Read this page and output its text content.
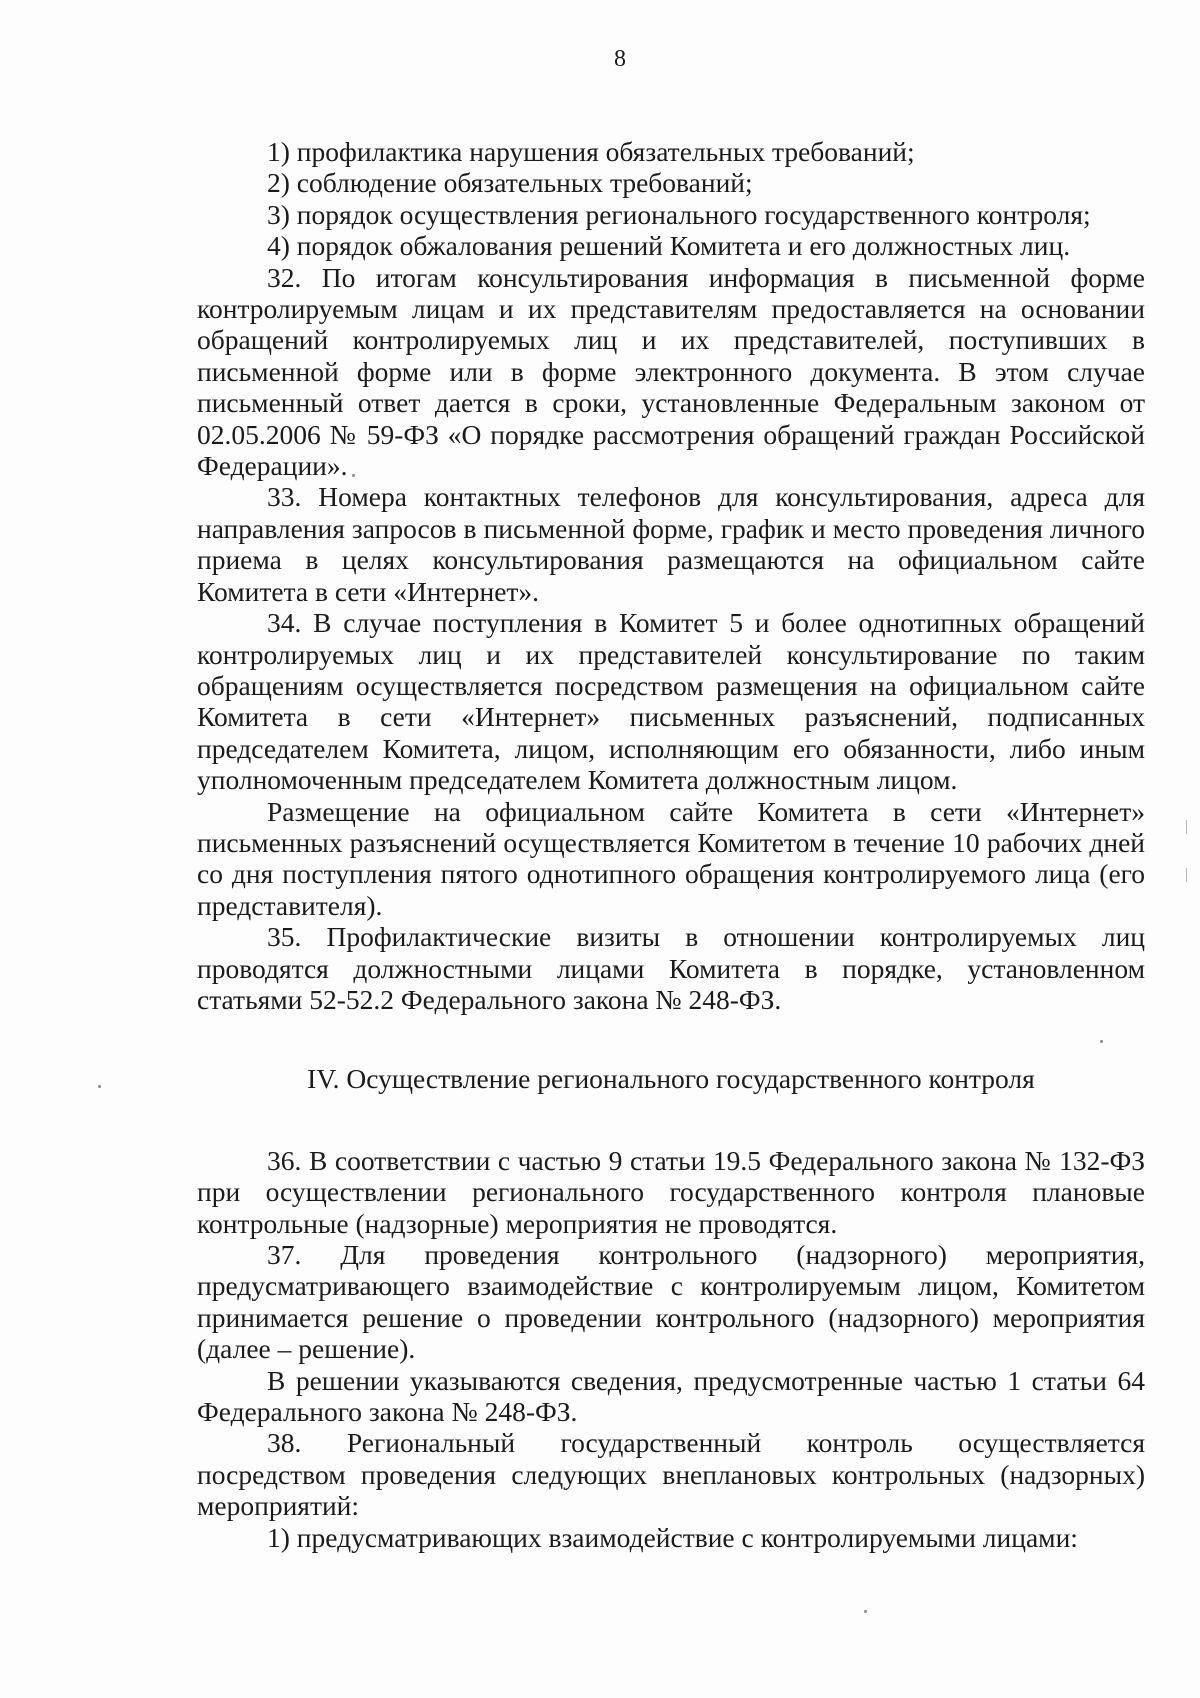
8

1) профилактика нарушения обязательных требований;

2) соблюдение обязательных требований;

3) порядок осуществления регионального государственного контроля;

4) порядок обжалования решений Комитета и его должностных лиц.

32. По итогам консультирования информация в письменной форме контролируемым лицам и их представителям предоставляется на основании обращений контролируемых лиц и их представителей, поступивших в письменной форме или в форме электронного документа. В этом случае письменный ответ дается в сроки, установленные Федеральным законом от 02.05.2006 № 59-ФЗ «О порядке рассмотрения обращений граждан Российской Федерации».

33. Номера контактных телефонов для консультирования, адреса для направления запросов в письменной форме, график и место проведения личного приема в целях консультирования размещаются на официальном сайте Комитета в сети «Интернет».

34. В случае поступления в Комитет 5 и более однотипных обращений контролируемых лиц и их представителей консультирование по таким обращениям осуществляется посредством размещения на официальном сайте Комитета в сети «Интернет» письменных разъяснений, подписанных председателем Комитета, лицом, исполняющим его обязанности, либо иным уполномоченным председателем Комитета должностным лицом.

Размещение на официальном сайте Комитета в сети «Интернет» письменных разъяснений осуществляется Комитетом в течение 10 рабочих дней со дня поступления пятого однотипного обращения контролируемого лица (его представителя).

35. Профилактические визиты в отношении контролируемых лиц проводятся должностными лицами Комитета в порядке, установленном статьями 52-52.2 Федерального закона № 248-ФЗ.

IV. Осуществление регионального государственного контроля

36. В соответствии с частью 9 статьи 19.5 Федерального закона № 132-ФЗ при осуществлении регионального государственного контроля плановые контрольные (надзорные) мероприятия не проводятся.

37. Для проведения контрольного (надзорного) мероприятия, предусматривающего взаимодействие с контролируемым лицом, Комитетом принимается решение о проведении контрольного (надзорного) мероприятия (далее – решение).

В решении указываются сведения, предусмотренные частью 1 статьи 64 Федерального закона № 248-ФЗ.

38. Региональный государственный контроль осуществляется посредством проведения следующих внеплановых контрольных (надзорных) мероприятий:

1) предусматривающих взаимодействие с контролируемыми лицами:
